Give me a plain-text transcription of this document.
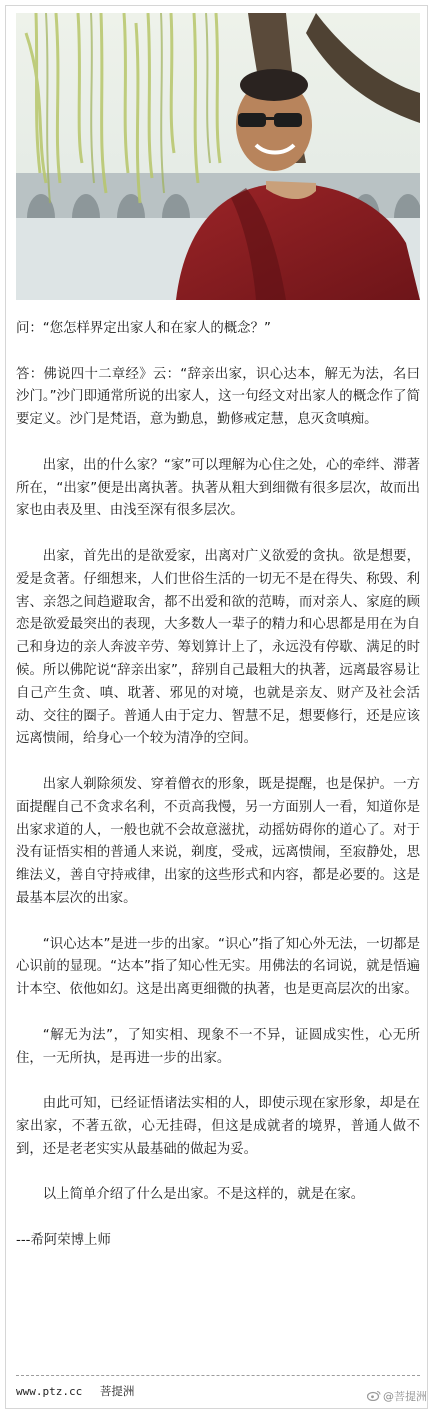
问：“您怎样界定出家人和在家人的概念？”

答：佛说四十二章经》云：“辞亲出家，识心达本，解无为法，名曰沙门。”沙门即通常所说的出家人，这一句经文对出家人的概念作了简要定义。沙门是梵语，意为勤息，勤修戒定慧，息灭贪嗔痴。

出家，出的什么家？“家”可以理解为心住之处，心的牵绊、滞著所在，“出家”便是出离执著。执著从粗大到细微有很多层次，故而出家也由表及里、由浅至深有很多层次。

出家，首先出的是欲爱家，出离对广义欲爱的贪执。欲是想要，爱是贪著。仔细想来，人们世俗生活的一切无不是在得失、称毁、利害、亲怨之间趋避取舍，都不出爱和欲的范畴，而对亲人、家庭的顾恋是欲爱最突出的表现，大多数人一辈子的精力和心思都是用在为自己和身边的亲人奔波辛劳、筹划算计上了，永远没有停歇、满足的时候。所以佛陀说“辞亲出家”，辞别自己最粗大的执著，远离最容易让自己产生贪、嗔、耽著、邪见的对境，也就是亲友、财产及社会活动、交往的圈子。普通人由于定力、智慧不足，想要修行，还是应该远离愦闹，给身心一个较为清净的空间。

出家人剃除须发、穿着僧衣的形象，既是提醒，也是保护。一方面提醒自己不贪求名利，不贡高我慢，另一方面别人一看，知道你是出家求道的人，一般也就不会故意滋扰，动摇妨碍你的道心了。对于没有证悟实相的普通人来说，剃度，受戒，远离愦闹，至寂静处，思维法义，善自守持戒律，出家的这些形式和内容，都是必要的。这是最基本层次的出家。

“识心达本”是进一步的出家。“识心”指了知心外无法，一切都是心识前的显现。“达本”指了知心性无实。用佛法的名词说，就是悟遍计本空、依他如幻。这是出离更细微的执著，也是更高层次的出家。

“解无为法”，了知实相、现象不一不异，证圆成实性，心无所住，一无所执，是再进一步的出家。

由此可知，已经证悟诸法实相的人，即使示现在家形象，却是在家出家，不著五欲，心无挂碍，但这是成就者的境界，普通人做不到，还是老老实实从最基础的做起为妥。

以上简单介绍了什么是出家。不是这样的，就是在家。

---希阿荣博上师

www.ptz.cc 菩提洲	@菩提洲
